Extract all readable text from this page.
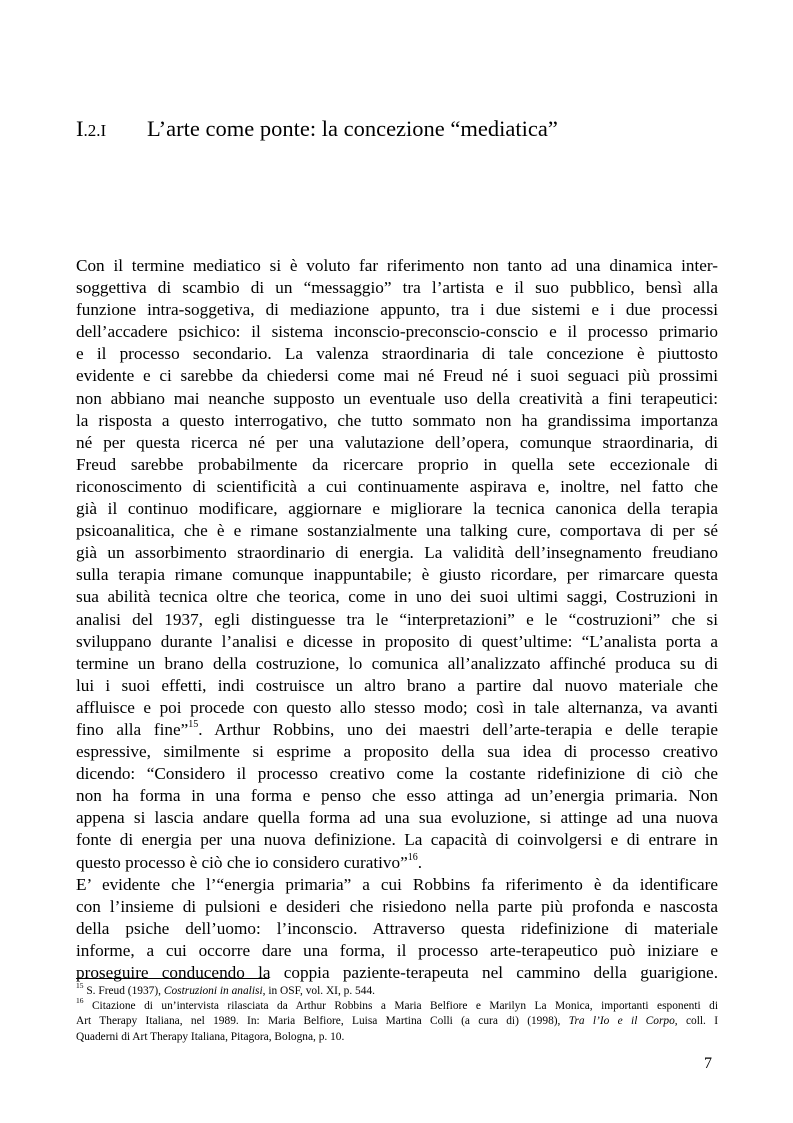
I.2.I L’arte come ponte: la concezione “mediatica”
Con il termine mediatico si è voluto far riferimento non tanto ad una dinamica inter-
soggettiva di scambio di un “messaggio” tra l’artista e il suo pubblico, bensì alla
funzione intra-soggetiva, di mediazione appunto, tra i due sistemi e i due processi
dell’accadere psichico: il sistema inconscio-preconscio-conscio e il processo primario
e il processo secondario. La valenza straordinaria di tale concezione è piuttosto
evidente e ci sarebbe da chiedersi come mai né Freud né i suoi seguaci più prossimi
non abbiano mai neanche supposto un eventuale uso della creatività a fini terapeutici:
la risposta a questo interrogativo, che tutto sommato non ha grandissima importanza
né per questa ricerca né per una valutazione dell’opera, comunque straordinaria, di
Freud sarebbe probabilmente da ricercare proprio in quella sete eccezionale di
riconoscimento di scientificità a cui continuamente aspirava e, inoltre, nel fatto che
già il continuo modificare, aggiornare e migliorare la tecnica canonica della terapia
psicoanalitica, che è e rimane sostanzialmente una talking cure, comportava di per sé
già un assorbimento straordinario di energia. La validità dell’insegnamento freudiano
sulla terapia rimane comunque inappuntabile; è giusto ricordare, per rimarcare questa
sua abilità tecnica oltre che teorica, come in uno dei suoi ultimi saggi, Costruzioni in
analisi del 1937, egli distinguesse tra le “interpretazioni” e le “costruzioni” che si
sviluppano durante l’analisi e dicesse in proposito di quest’ultime: “L’analista porta a
termine un brano della costruzione, lo comunica all’analizzato affinché produca su di
lui i suoi effetti, indi costruisce un altro brano a partire dal nuovo materiale che
affluisce e poi procede con questo allo stesso modo; così in tale alternanza, va avanti
fino alla fine”$^{15}$. Arthur Robbins, uno dei maestri dell’arte-terapia e delle terapie
espressive, similmente si esprime a proposito della sua idea di processo creativo
dicendo: “Considero il processo creativo come la costante ridefinizione di ciò che
non ha forma in una forma e penso che esso attinga ad un’energia primaria. Non
appena si lascia andare quella forma ad una sua evoluzione, si attinge ad una nuova
fonte di energia per una nuova definizione. La capacità di coinvolgersi e di entrare in
questo processo è ciò che io considero curativo”$^{16}$.
E’ evidente che l’“energia primaria” a cui Robbins fa riferimento è da identificare
con l’insieme di pulsioni e desideri che risiedono nella parte più profonda e nascosta
della psiche dell’uomo: l’inconscio. Attraverso questa ridefinizione di materiale
informe, a cui occorre dare una forma, il processo arte-terapeutico può iniziare e
proseguire conducendo la coppia paziente-terapeuta nel cammino della guarigione.
$^{15}$ S. Freud (1937), Costruzioni in analisi, in OSF, vol. XI, p. 544.
$^{16}$ Citazione di un’intervista rilasciata da Arthur Robbins a Maria Belfiore e Marilyn La Monica, importanti esponenti di
Art Therapy Italiana, nel 1989. In: Maria Belfiore, Luisa Martina Colli (a cura di) (1998), Tra l’Io e il Corpo, coll. I
Quaderni di Art Therapy Italiana, Pitagora, Bologna, p. 10.
7
